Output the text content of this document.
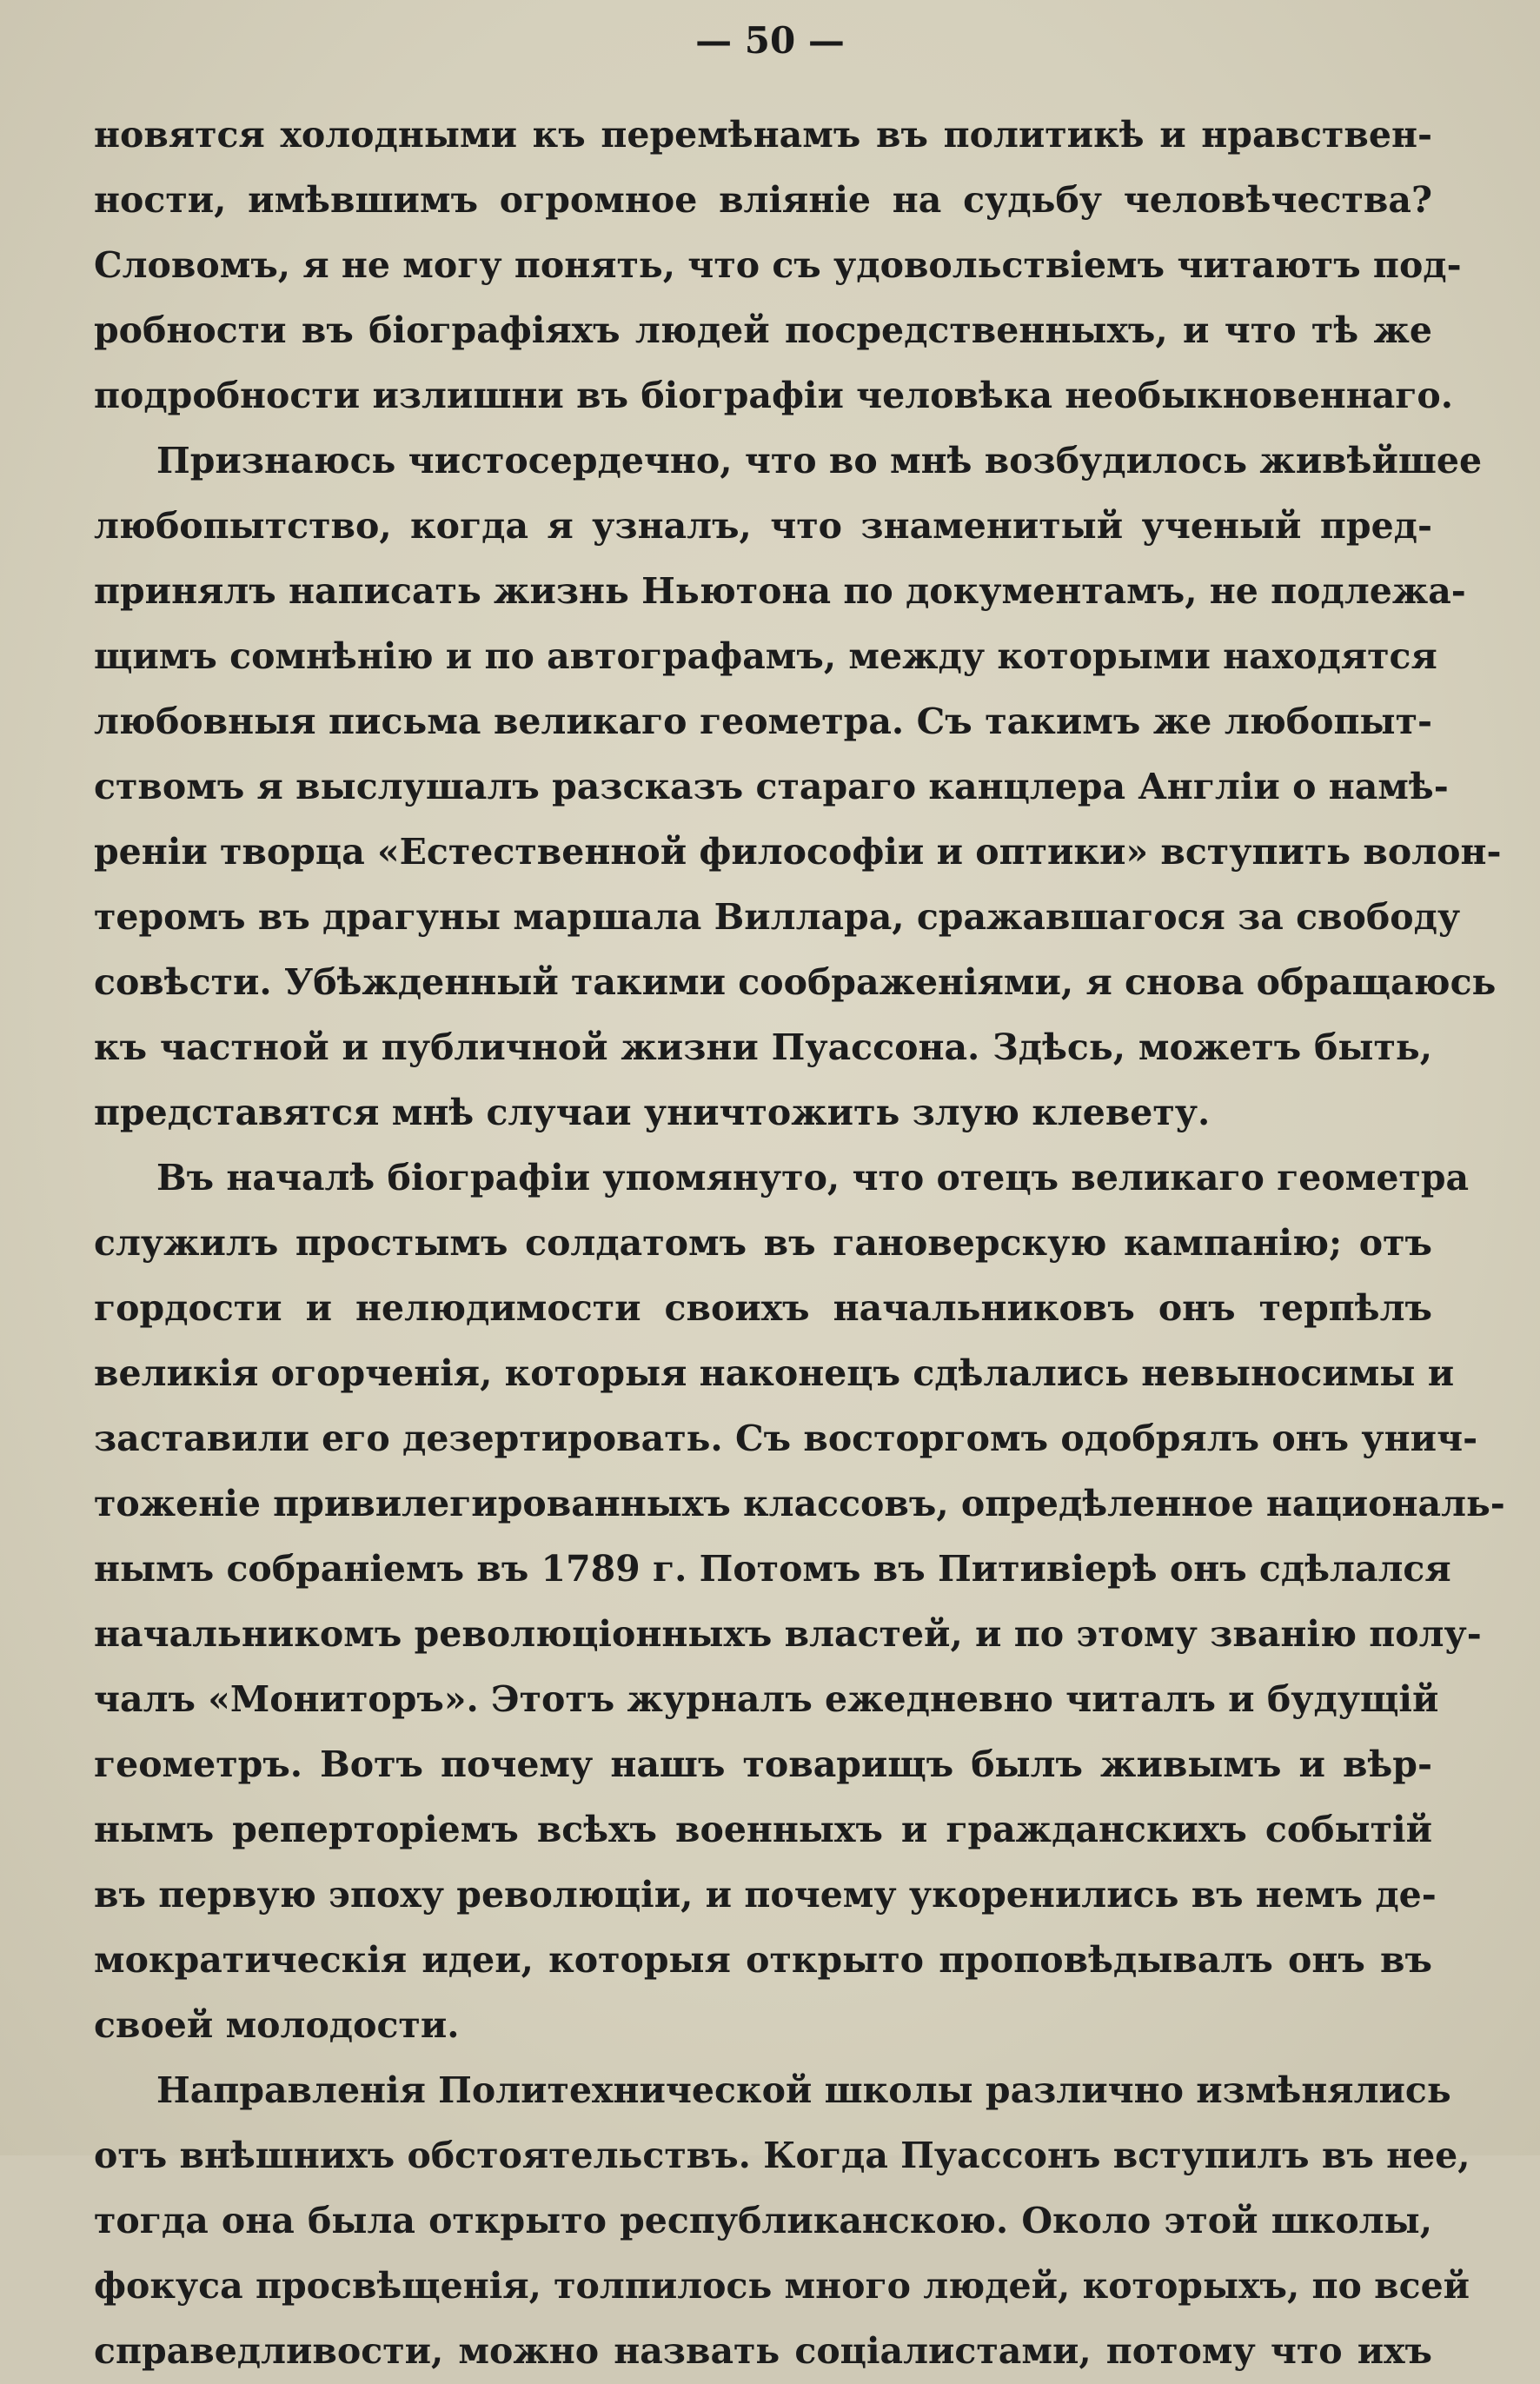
— 50 —
новятся холодными къ перемѣнамъ въ политикѣ и нравствен-
ности, имѣвшимъ огромное вліяніе на судьбу человѣчества?
Словомъ, я не могу понять, что съ удовольствіемъ читаютъ под-
робности въ біографіяхъ людей посредственныхъ, и что тѣ же
подробности излишни въ біографіи человѣка необыкновеннаго.
Признаюсь чистосердечно, что во мнѣ возбудилось живѣйшее
любопытство, когда я узналъ, что знаменитый ученый пред-
принялъ написать жизнь Ньютона по документамъ, не подлежа-
щимъ сомнѣнію и по автографамъ, между которыми находятся
любовныя письма великаго геометра. Съ такимъ же любопыт-
ствомъ я выслушалъ разсказъ стараго канцлера Англіи о намѣ-
реніи творца «Естественной философіи и оптики» вступить волон-
теромъ въ драгуны маршала Виллара, сражавшагося за свободу
совѣсти. Убѣжденный такими соображеніями, я снова обращаюсь
къ частной и публичной жизни Пуассона. Здѣсь, можетъ быть,
представятся мнѣ случаи уничтожить злую клевету.
Въ началѣ біографіи упомянуто, что отецъ великаго геометра
служилъ простымъ солдатомъ въ гановерскую кампанію; отъ
гордости и нелюдимости своихъ начальниковъ онъ терпѣлъ
великія огорченія, которыя наконецъ сдѣлались невыносимы и
заставили его дезертировать. Съ восторгомъ одобрялъ онъ унич-
тоженіе привилегированныхъ классовъ, опредѣленное националь-
нымъ собраніемъ въ 1789 г. Потомъ въ Питивіерѣ онъ сдѣлался
начальникомъ революціонныхъ властей, и по этому званію полу-
чалъ «Мониторъ». Этотъ журналъ ежедневно читалъ и будущій
геометръ. Вотъ почему нашъ товарищъ былъ живымъ и вѣр-
нымъ реперторіемъ всѣхъ военныхъ и гражданскихъ событій
въ первую эпоху революціи, и почему укоренились въ немъ де-
мократическія идеи, которыя открыто проповѣдывалъ онъ въ
своей молодости.
Направленія Политехнической школы различно измѣнялись
отъ внѣшнихъ обстоятельствъ. Когда Пуассонъ вступилъ въ нее,
тогда она была открыто республиканскою. Около этой школы,
фокуса просвѣщенія, толпилось много людей, которыхъ, по всей
справедливости, можно назвать соціалистами, потому что ихъ
